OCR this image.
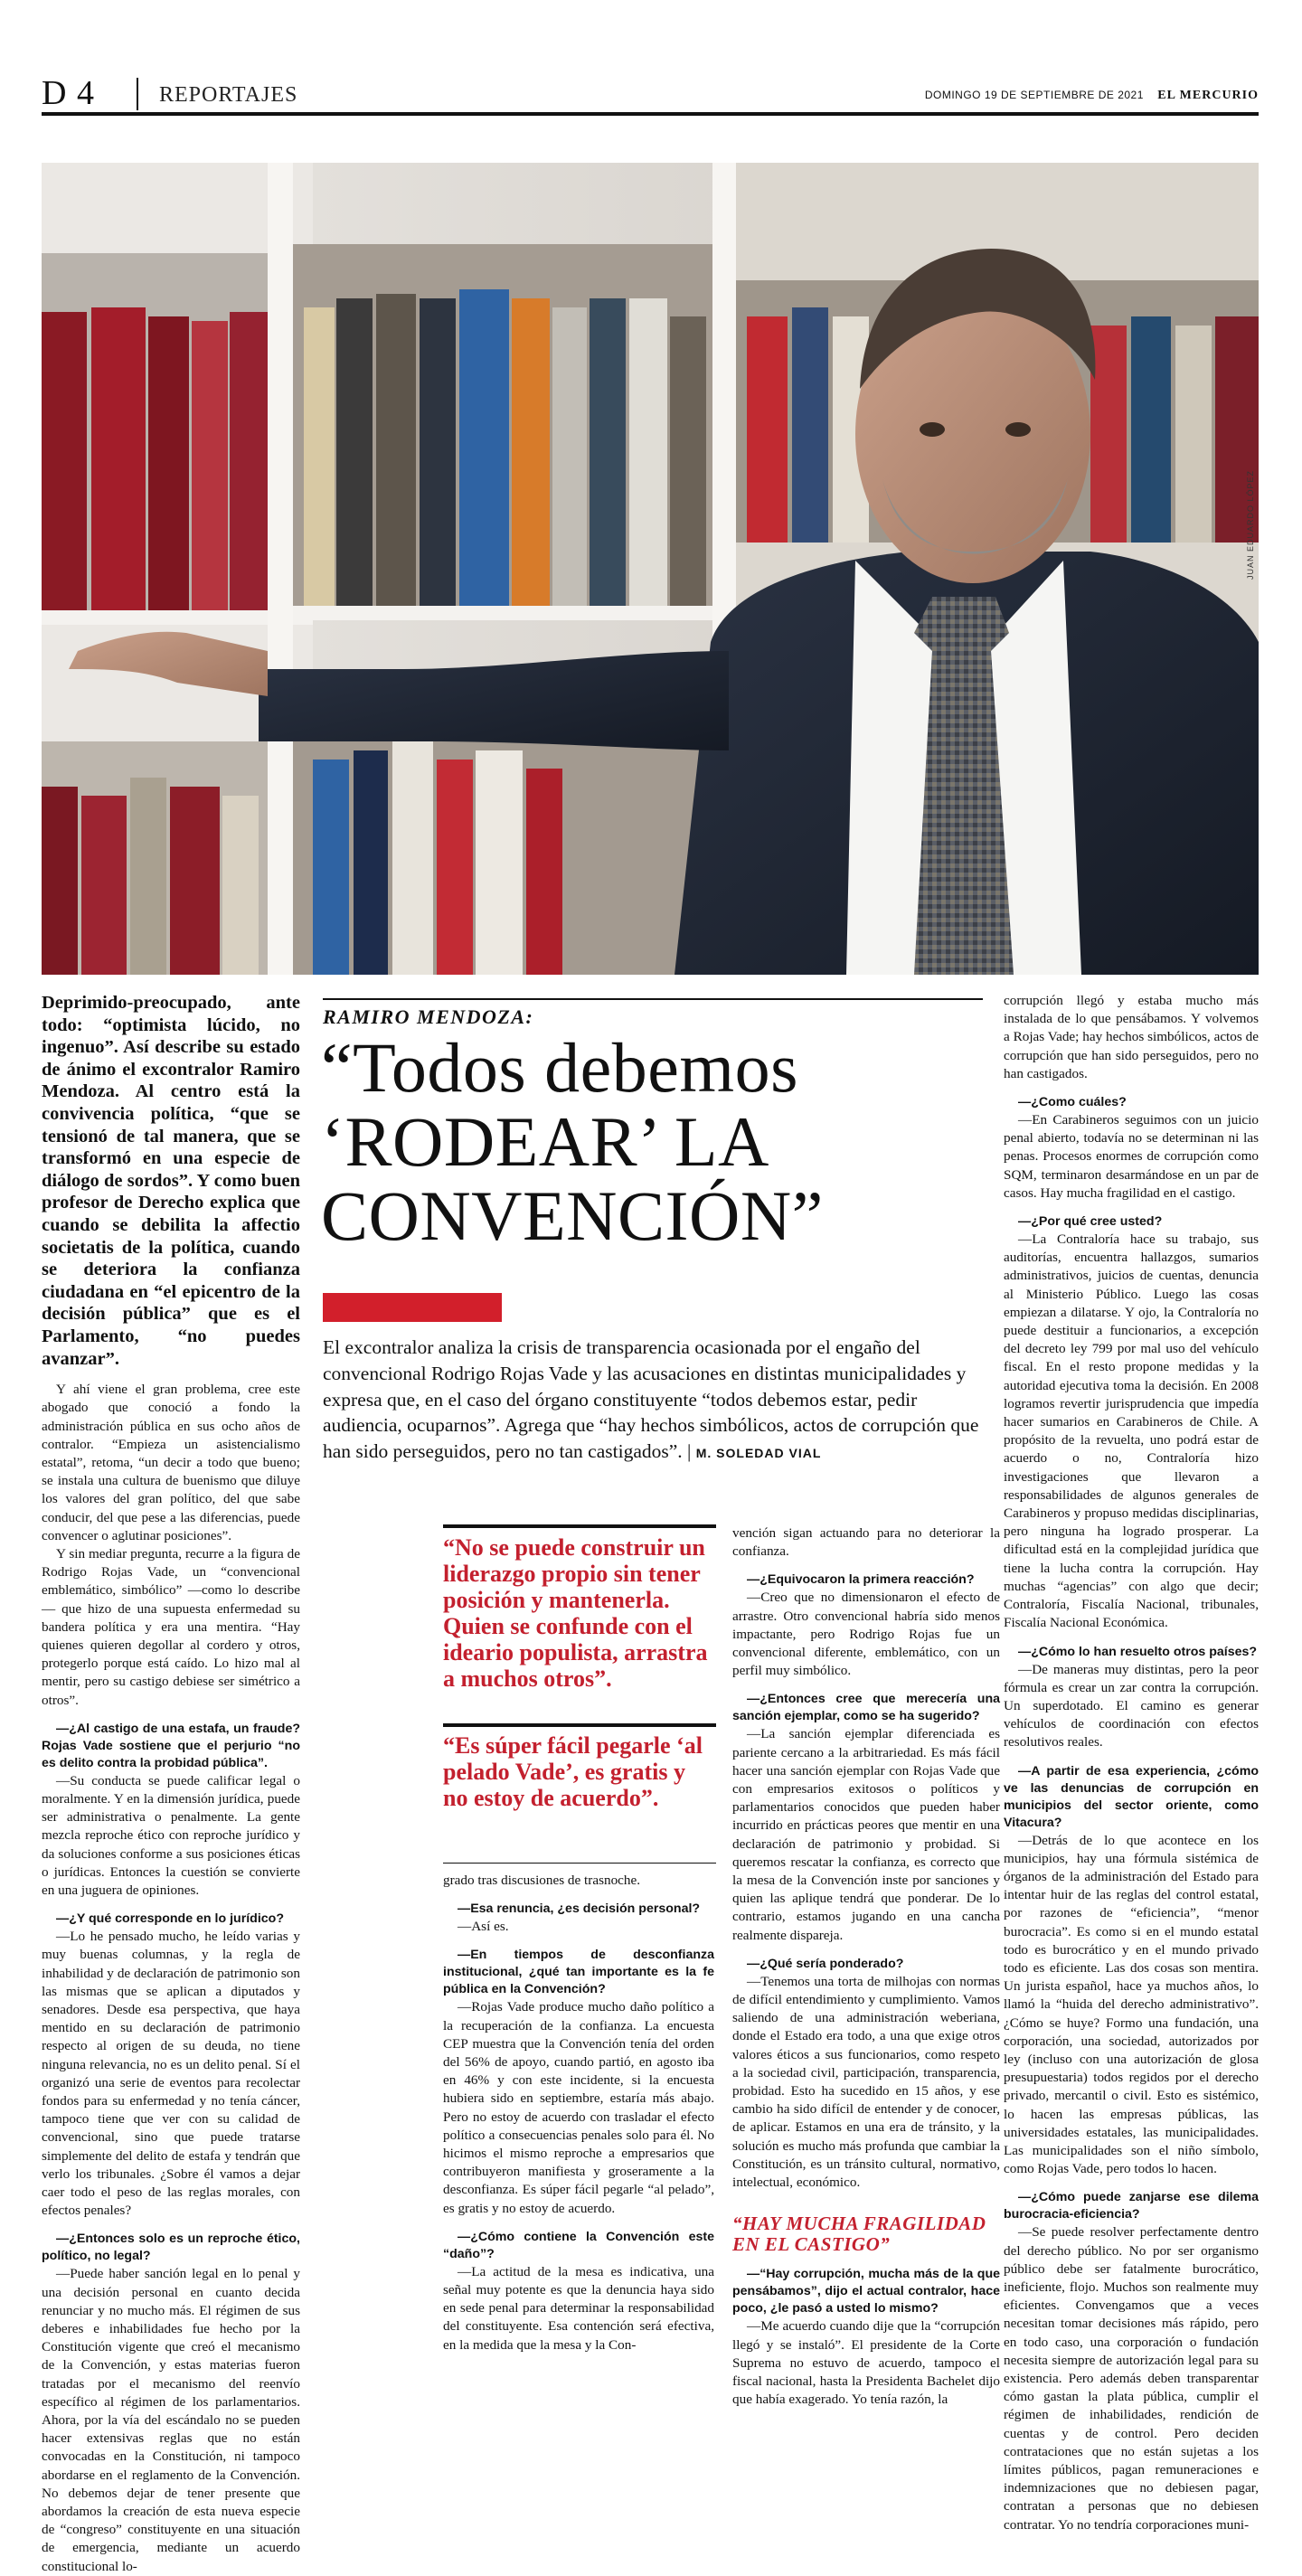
D 4	REPORTAJES	DOMINGO 19 DE SEPTIEMBRE DE 2021 EL MERCURIO
JUAN EDUARDO LÓPEZ
Deprimido-preocupado, ante todo: “optimista lúcido, no ingenuo”. Así describe su estado de ánimo el excontralor Ramiro Mendoza. Al centro está la convivencia política, “que se tensionó de tal manera, que se transformó en una especie de diálogo de sordos”. Y como buen profesor de Derecho explica que cuando se debilita la affectio societatis de la política, cuando se deteriora la confianza ciudadana en “el epicentro de la decisión pública” que es el Parlamento, “no puedes avanzar”.

Y ahí viene el gran problema, cree este abogado que conoció a fondo la administración pública en sus ocho años de contralor. “Empieza un asistencialismo estatal”, retoma, “un decir a todo que bueno; se instala una cultura de buenismo que diluye los valores del gran político, del que sabe conducir, del que pese a las diferencias, puede convencer o aglutinar posiciones”.

Y sin mediar pregunta, recurre a la figura de Rodrigo Rojas Vade, un “convencional emblemático, simbólico” —como lo describe— que hizo de una supuesta enfermedad su bandera política y era una mentira. “Hay quienes quieren degollar al cordero y otros, protegerlo porque está caído. Lo hizo mal al mentir, pero su castigo debiese ser simétrico a otros”.

—¿Al castigo de una estafa, un fraude? Rojas Vade sostiene que el perjurio “no es delito contra la probidad pública”.

—Su conducta se puede calificar legal o moralmente. Y en la dimensión jurídica, puede ser administrativa o penalmente. La gente mezcla reproche ético con reproche jurídico y da soluciones conforme a sus posiciones éticas o jurídicas. Entonces la cuestión se convierte en una juguera de opiniones.

—¿Y qué corresponde en lo jurídico?

—Lo he pensado mucho, he leído varias y muy buenas columnas, y la regla de inhabilidad y de declaración de patrimonio son las mismas que se aplican a diputados y senadores. Desde esa perspectiva, que haya mentido en su declaración de patrimonio respecto al origen de su deuda, no tiene ninguna relevancia, no es un delito penal. Sí el organizó una serie de eventos para recolectar fondos para su enfermedad y no tenía cáncer, tampoco tiene que ver con su calidad de convencional, sino que puede tratarse simplemente del delito de estafa y tendrán que verlo los tribunales. ¿Sobre él vamos a dejar caer todo el peso de las reglas morales, con efectos penales?

—¿Entonces solo es un reproche ético, político, no legal?

—Puede haber sanción legal en lo penal y una decisión personal en cuanto decida renunciar y no mucho más. El régimen de sus deberes e inhabilidades fue hecho por la Constitución vigente que creó el mecanismo de la Convención, y estas materias fueron tratadas por el mecanismo del reenvío específico al régimen de los parlamentarios. Ahora, por la vía del escándalo no se pueden hacer extensivas reglas que no están convocadas en la Constitución, ni tampoco abordarse en el reglamento de la Convención. No debemos dejar de tener presente que abordamos la creación de esta nueva especie de “congreso” constituyente en una situación de emergencia, mediante un acuerdo constitucional lo-

RAMIRO MENDOZA:
“Todos debemos
‘RODEAR’ LA
CONVENCIÓN”
El excontralor analiza la crisis de transparencia ocasionada por el engaño del convencional Rodrigo Rojas Vade y las acusaciones en distintas municipalidades y expresa que, en el caso del órgano constituyente “todos debemos estar, pedir audiencia, ocuparnos”. Agrega que “hay hechos simbólicos, actos de corrupción que han sido perseguidos, pero no tan castigados”. | M. SOLEDAD VIAL
“No se puede construir un liderazgo propio sin tener posición y mantenerla. Quien se confunde con el ideario populista, arrastra a muchos otros”.
“Es súper fácil pegarle ‘al pelado Vade’, es gratis y no estoy de acuerdo”.

grado tras discusiones de trasnoche.

—Esa renuncia, ¿es decisión personal?

—Así es.

—En tiempos de desconfianza institucional, ¿qué tan importante es la fe pública en la Convención?

—Rojas Vade produce mucho daño político a la recuperación de la confianza. La encuesta CEP muestra que la Convención tenía del orden del 56% de apoyo, cuando partió, en agosto iba en 46% y con este incidente, si la encuesta hubiera sido en septiembre, estaría más abajo. Pero no estoy de acuerdo con trasladar el efecto político a consecuencias penales solo para él. No hicimos el mismo reproche a empresarios que contribuyeron manifiesta y groseramente a la desconfianza. Es súper fácil pegarle “al pelado”, es gratis y no estoy de acuerdo.

—¿Cómo contiene la Convención este “daño”?

—La actitud de la mesa es indicativa, una señal muy potente es que la denuncia haya sido en sede penal para determinar la responsabilidad del constituyente. Esa contención será efectiva, en la medida que la mesa y la Con-

vención sigan actuando para no deteriorar la confianza.

—¿Equivocaron la primera reacción?

—Creo que no dimensionaron el efecto de arrastre. Otro convencional habría sido menos impactante, pero Rodrigo Rojas fue un convencional diferente, emblemático, con un perfil muy simbólico.

—¿Entonces cree que merecería una sanción ejemplar, como se ha sugerido?

—La sanción ejemplar diferenciada es pariente cercano a la arbitrariedad. Es más fácil hacer una sanción ejemplar con Rojas Vade que con empresarios exitosos o políticos y parlamentarios conocidos que pueden haber incurrido en prácticas peores que mentir en una declaración de patrimonio y probidad. Si queremos rescatar la confianza, es correcto que la mesa de la Convención inste por sanciones y quien las aplique tendrá que ponderar. De lo contrario, estamos jugando en una cancha realmente dispareja.

—¿Qué sería ponderado?

—Tenemos una torta de milhojas con normas de difícil entendimiento y cumplimiento. Vamos saliendo de una administración weberiana, donde el Estado era todo, a una que exige otros valores éticos a sus funcionarios, como respeto a la sociedad civil, participación, transparencia, probidad. Esto ha sucedido en 15 años, y ese cambio ha sido difícil de entender y de conocer, de aplicar. Estamos en una era de tránsito, y la solución es mucho más profunda que cambiar la Constitución, es un tránsito cultural, normativo, intelectual, económico.

“HAY MUCHA FRAGILIDAD EN EL CASTIGO”

—“Hay corrupción, mucha más de la que pensábamos”, dijo el actual contralor, hace poco, ¿le pasó a usted lo mismo?

—Me acuerdo cuando dije que la “corrupción llegó y se instaló”. El presidente de la Corte Suprema no estuvo de acuerdo, tampoco el fiscal nacional, hasta la Presidenta Bachelet dijo que había exagerado. Yo tenía razón, la

corrupción llegó y estaba mucho más instalada de lo que pensábamos. Y volvemos a Rojas Vade; hay hechos simbólicos, actos de corrupción que han sido perseguidos, pero no han castigados.

—¿Como cuáles?

—En Carabineros seguimos con un juicio penal abierto, todavía no se determinan ni las penas. Procesos enormes de corrupción como SQM, terminaron desarmándose en un par de casos. Hay mucha fragilidad en el castigo.

—¿Por qué cree usted?

—La Contraloría hace su trabajo, sus auditorías, encuentra hallazgos, sumarios administrativos, juicios de cuentas, denuncia al Ministerio Público. Luego las cosas empiezan a dilatarse. Y ojo, la Contraloría no puede destituir a funcionarios, a excepción del decreto ley 799 por mal uso del vehículo fiscal. En el resto propone medidas y la autoridad ejecutiva toma la decisión. En 2008 logramos revertir jurisprudencia que impedía hacer sumarios en Carabineros de Chile. A propósito de la revuelta, uno podrá estar de acuerdo o no, Contraloría hizo investigaciones que llevaron a responsabilidades de algunos generales de Carabineros y propuso medidas disciplinarias, pero ninguna ha logrado prosperar. La dificultad está en la complejidad jurídica que tiene la lucha contra la corrupción. Hay muchas “agencias” con algo que decir; Contraloría, Fiscalía Nacional, tribunales, Fiscalía Nacional Económica.

—¿Cómo lo han resuelto otros países?

—De maneras muy distintas, pero la peor fórmula es crear un zar contra la corrupción. Un superdotado. El camino es generar vehículos de coordinación con efectos resolutivos reales.

—A partir de esa experiencia, ¿cómo ve las denuncias de corrupción en municipios del sector oriente, como Vitacura?

—Detrás de lo que acontece en los municipios, hay una fórmula sistémica de órganos de la administración del Estado para intentar huir de las reglas del control estatal, por razones de “eficiencia”, “menor burocracia”. Es como si en el mundo estatal todo es burocrático y en el mundo privado todo es eficiente. Las dos cosas son mentira. Un jurista español, hace ya muchos años, lo llamó la “huida del derecho administrativo”. ¿Cómo se huye? Formo una fundación, una corporación, una sociedad, autorizados por ley (incluso con una autorización de glosa presupuestaria) todos regidos por el derecho privado, mercantil o civil. Esto es sistémico, lo hacen las empresas públicas, las universidades estatales, las municipalidades. Las municipalidades son el niño símbolo, como Rojas Vade, pero todos lo hacen.

—¿Cómo puede zanjarse ese dilema burocracia-eficiencia?

—Se puede resolver perfectamente dentro del derecho público. No por ser organismo público debe ser fatalmente burocrático, ineficiente, flojo. Muchos son realmente muy eficientes. Convengamos que a veces necesitan tomar decisiones más rápido, pero en todo caso, una corporación o fundación necesita siempre de autorización legal para su existencia. Pero además deben transparentar cómo gastan la plata pública, cumplir el régimen de inhabilidades, rendición de cuentas y de control. Pero deciden contrataciones que no están sujetas a los límites públicos, pagan remuneraciones e indemnizaciones que no debiesen pagar, contratan a personas que no debiesen contratar. Yo no tendría corporaciones muni-
